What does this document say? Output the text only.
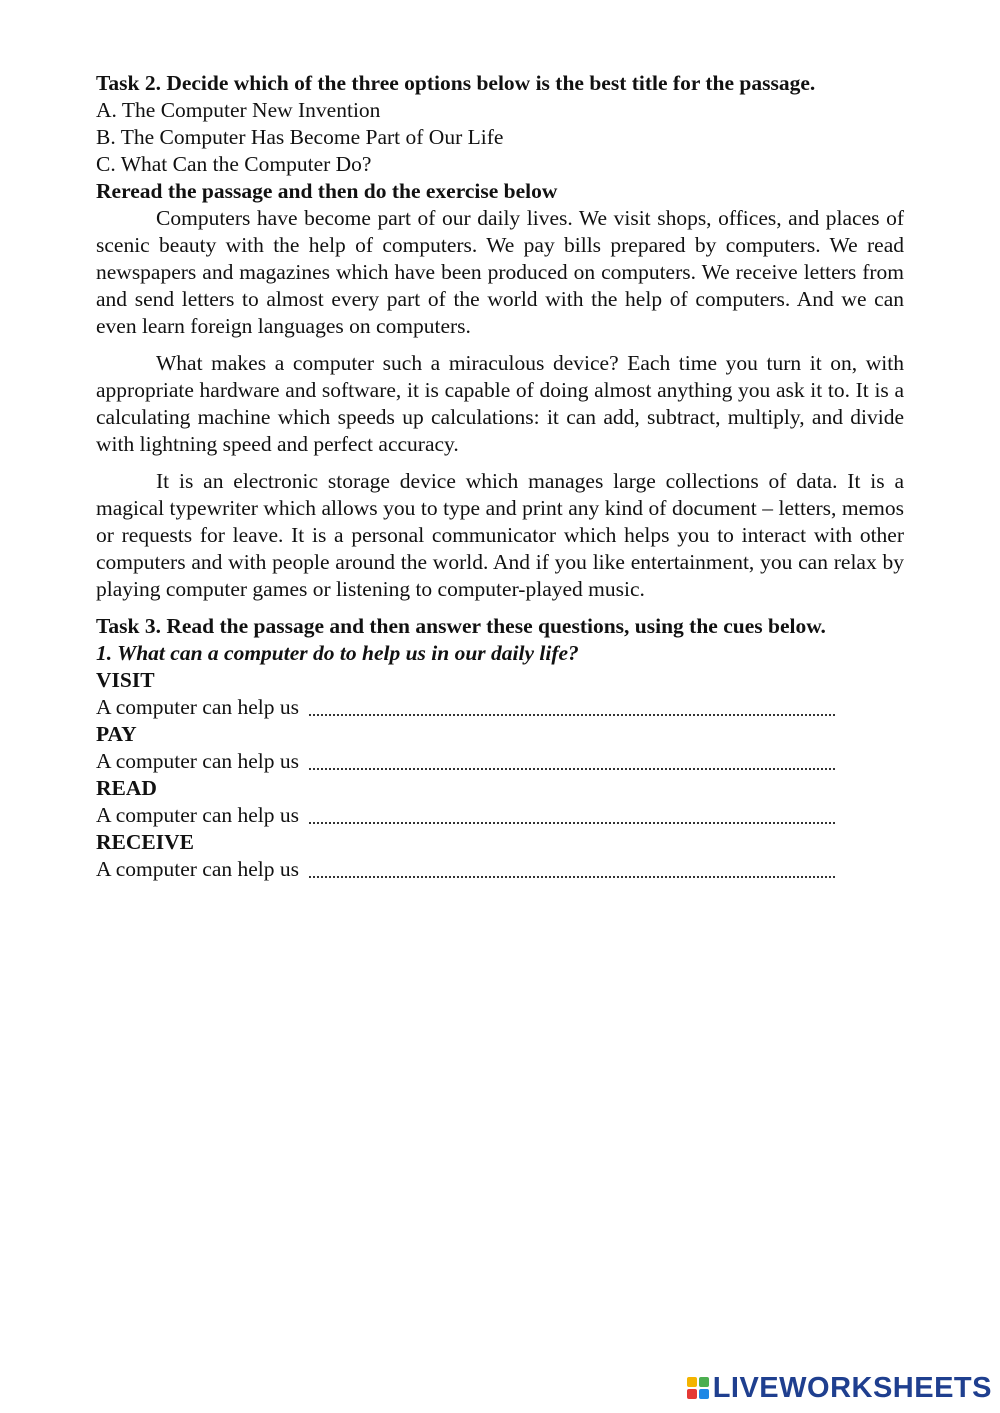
Task 2. Decide which of the three options below is the best title for the passage.
A. The Computer New Invention
B. The Computer Has Become Part of Our Life
C. What Can the Computer Do?
Reread the passage and then do the exercise below

Computers have become part of our daily lives. We visit shops, offices, and places of scenic beauty with the help of computers. We pay bills prepared by computers. We read newspapers and magazines which have been produced on computers. We receive letters from and send letters to almost every part of the world with the help of computers. And we can even learn foreign languages on computers.

What makes a computer such a miraculous device? Each time you turn it on, with appropriate hardware and software, it is capable of doing almost anything you ask it to. It is a calculating machine which speeds up calculations: it can add, subtract, multiply, and divide with lightning speed and perfect accuracy.

It is an electronic storage device which manages large collections of data. It is a magical typewriter which allows you to type and print any kind of document – letters, memos or requests for leave. It is a personal communicator which helps you to interact with other computers and with people around the world. And if you like entertainment, you can relax by playing computer games or listening to computer-played music.

Task 3. Read the passage and then answer these questions, using the cues below.
1. What can a computer do to help us in our daily life?
VISIT
A computer can help us
PAY
A computer can help us
READ
A computer can help us
RECEIVE
A computer can help us
LIVEWORKSHEETS
